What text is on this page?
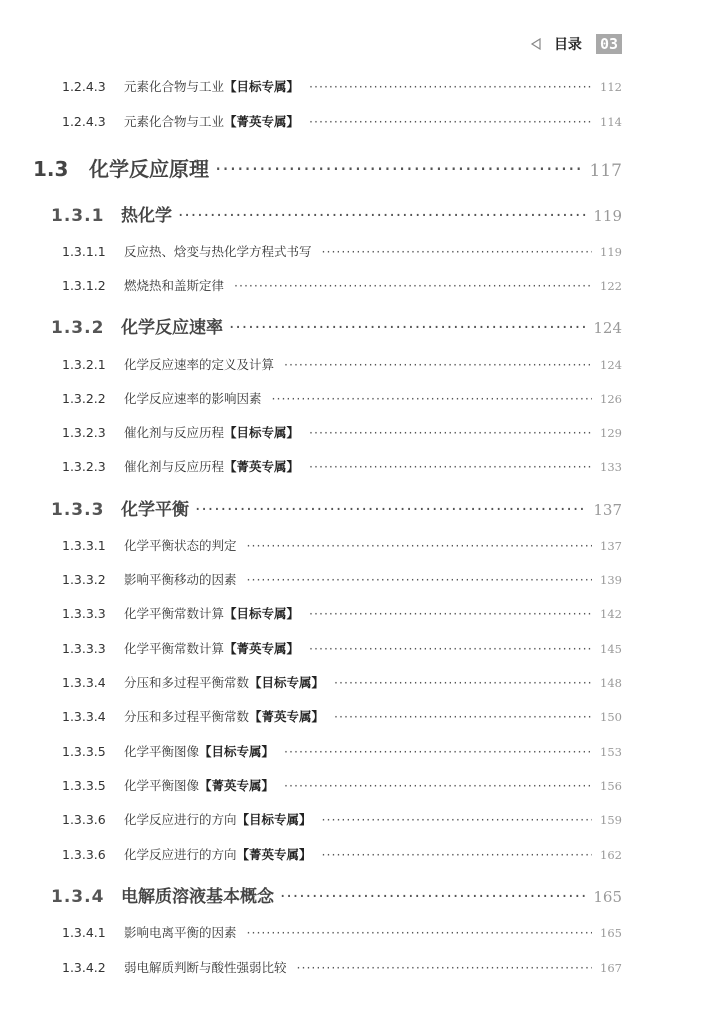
目录 03
1.2.4.3	元素化合物与工业【目标专属】 ·····	112
1.2.4.3	元素化合物与工业【菁英专属】 ·····	114
1.3	化学反应原理 ·····	117
1.3.1 热化学 ·····	119
1.3.1.1	反应热、焓变与热化学方程式书写 ·····	119
1.3.1.2	燃烧热和盖斯定律 ·····	122
1.3.2 化学反应速率 ·····	124
1.3.2.1	化学反应速率的定义及计算 ·····	124
1.3.2.2	化学反应速率的影响因素 ·····	126
1.3.2.3	催化剂与反应历程【目标专属】 ·····	129
1.3.2.3	催化剂与反应历程【菁英专属】 ·····	133
1.3.3 化学平衡 ·····	137
1.3.3.1	化学平衡状态的判定 ·····	137
1.3.3.2	影响平衡移动的因素 ·····	139
1.3.3.3	化学平衡常数计算【目标专属】 ·····	142
1.3.3.3	化学平衡常数计算【菁英专属】 ·····	145
1.3.3.4	分压和多过程平衡常数【目标专属】 ·····	148
1.3.3.4	分压和多过程平衡常数【菁英专属】 ·····	150
1.3.3.5	化学平衡图像【目标专属】 ·····	153
1.3.3.5	化学平衡图像【菁英专属】 ·····	156
1.3.3.6	化学反应进行的方向【目标专属】 ·····	159
1.3.3.6	化学反应进行的方向【菁英专属】 ·····	162
1.3.4 电解质溶液基本概念 ·····	165
1.3.4.1	影响电离平衡的因素 ·····	165
1.3.4.2	弱电解质判断与酸性强弱比较 ·····	167
